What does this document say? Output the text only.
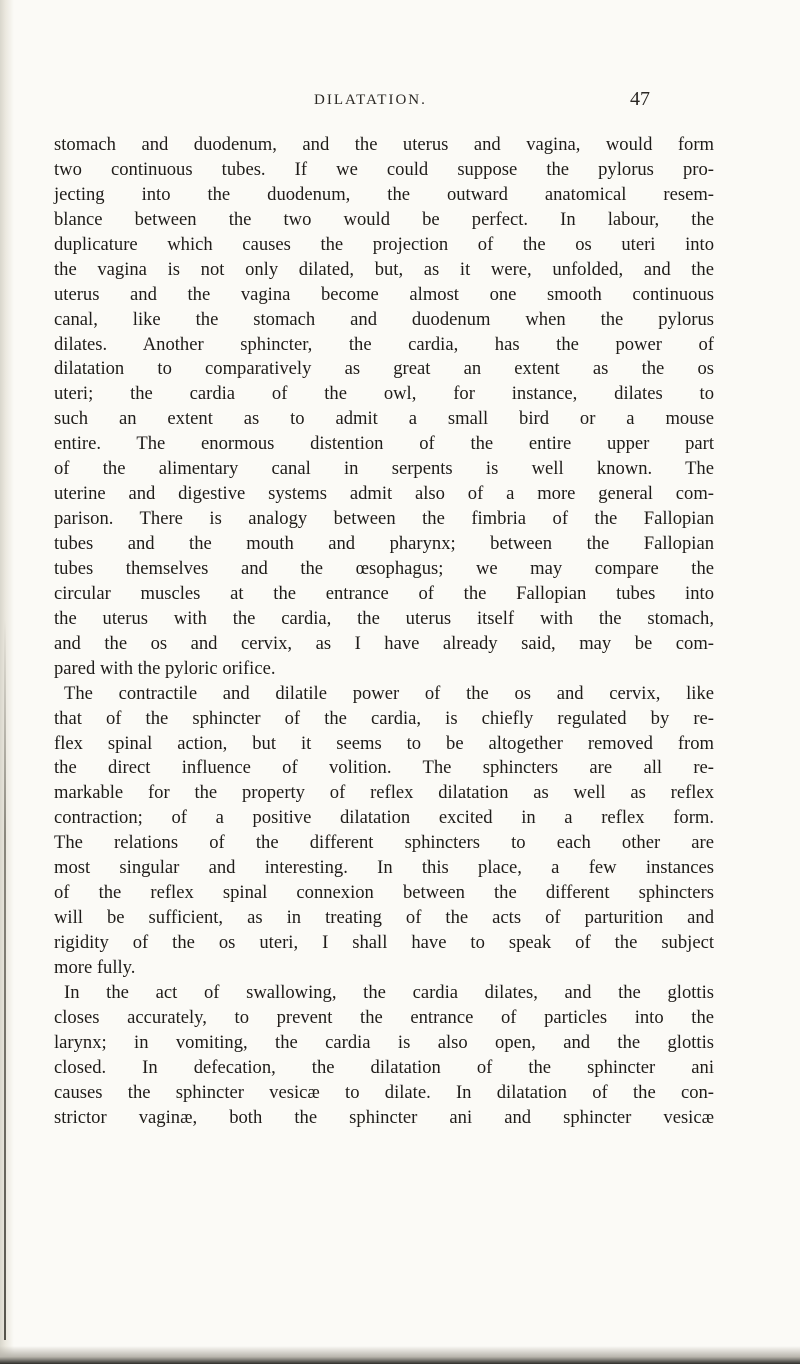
DILATATION.	47
stomach and duodenum, and the uterus and vagina, would form
two continuous tubes. If we could suppose the pylorus pro-
jecting into the duodenum, the outward anatomical resem-
blance between the two would be perfect. In labour, the
duplicature which causes the projection of the os uteri into
the vagina is not only dilated, but, as it were, unfolded, and the
uterus and the vagina become almost one smooth continuous
canal, like the stomach and duodenum when the pylorus
dilates. Another sphincter, the cardia, has the power of
dilatation to comparatively as great an extent as the os
uteri; the cardia of the owl, for instance, dilates to
such an extent as to admit a small bird or a mouse
entire. The enormous distention of the entire upper part
of the alimentary canal in serpents is well known. The
uterine and digestive systems admit also of a more general com-
parison. There is analogy between the fimbria of the Fallopian
tubes and the mouth and pharynx; between the Fallopian
tubes themselves and the œsophagus; we may compare the
circular muscles at the entrance of the Fallopian tubes into
the uterus with the cardia, the uterus itself with the stomach,
and the os and cervix, as I have already said, may be com-
pared with the pyloric orifice.
The contractile and dilatile power of the os and cervix, like
that of the sphincter of the cardia, is chiefly regulated by re-
flex spinal action, but it seems to be altogether removed from
the direct influence of volition. The sphincters are all re-
markable for the property of reflex dilatation as well as reflex
contraction; of a positive dilatation excited in a reflex form.
The relations of the different sphincters to each other are
most singular and interesting. In this place, a few instances
of the reflex spinal connexion between the different sphincters
will be sufficient, as in treating of the acts of parturition and
rigidity of the os uteri, I shall have to speak of the subject
more fully.
In the act of swallowing, the cardia dilates, and the glottis
closes accurately, to prevent the entrance of particles into the
larynx; in vomiting, the cardia is also open, and the glottis
closed. In defecation, the dilatation of the sphincter ani
causes the sphincter vesicæ to dilate. In dilatation of the con-
strictor vaginæ, both the sphincter ani and sphincter vesicæ
